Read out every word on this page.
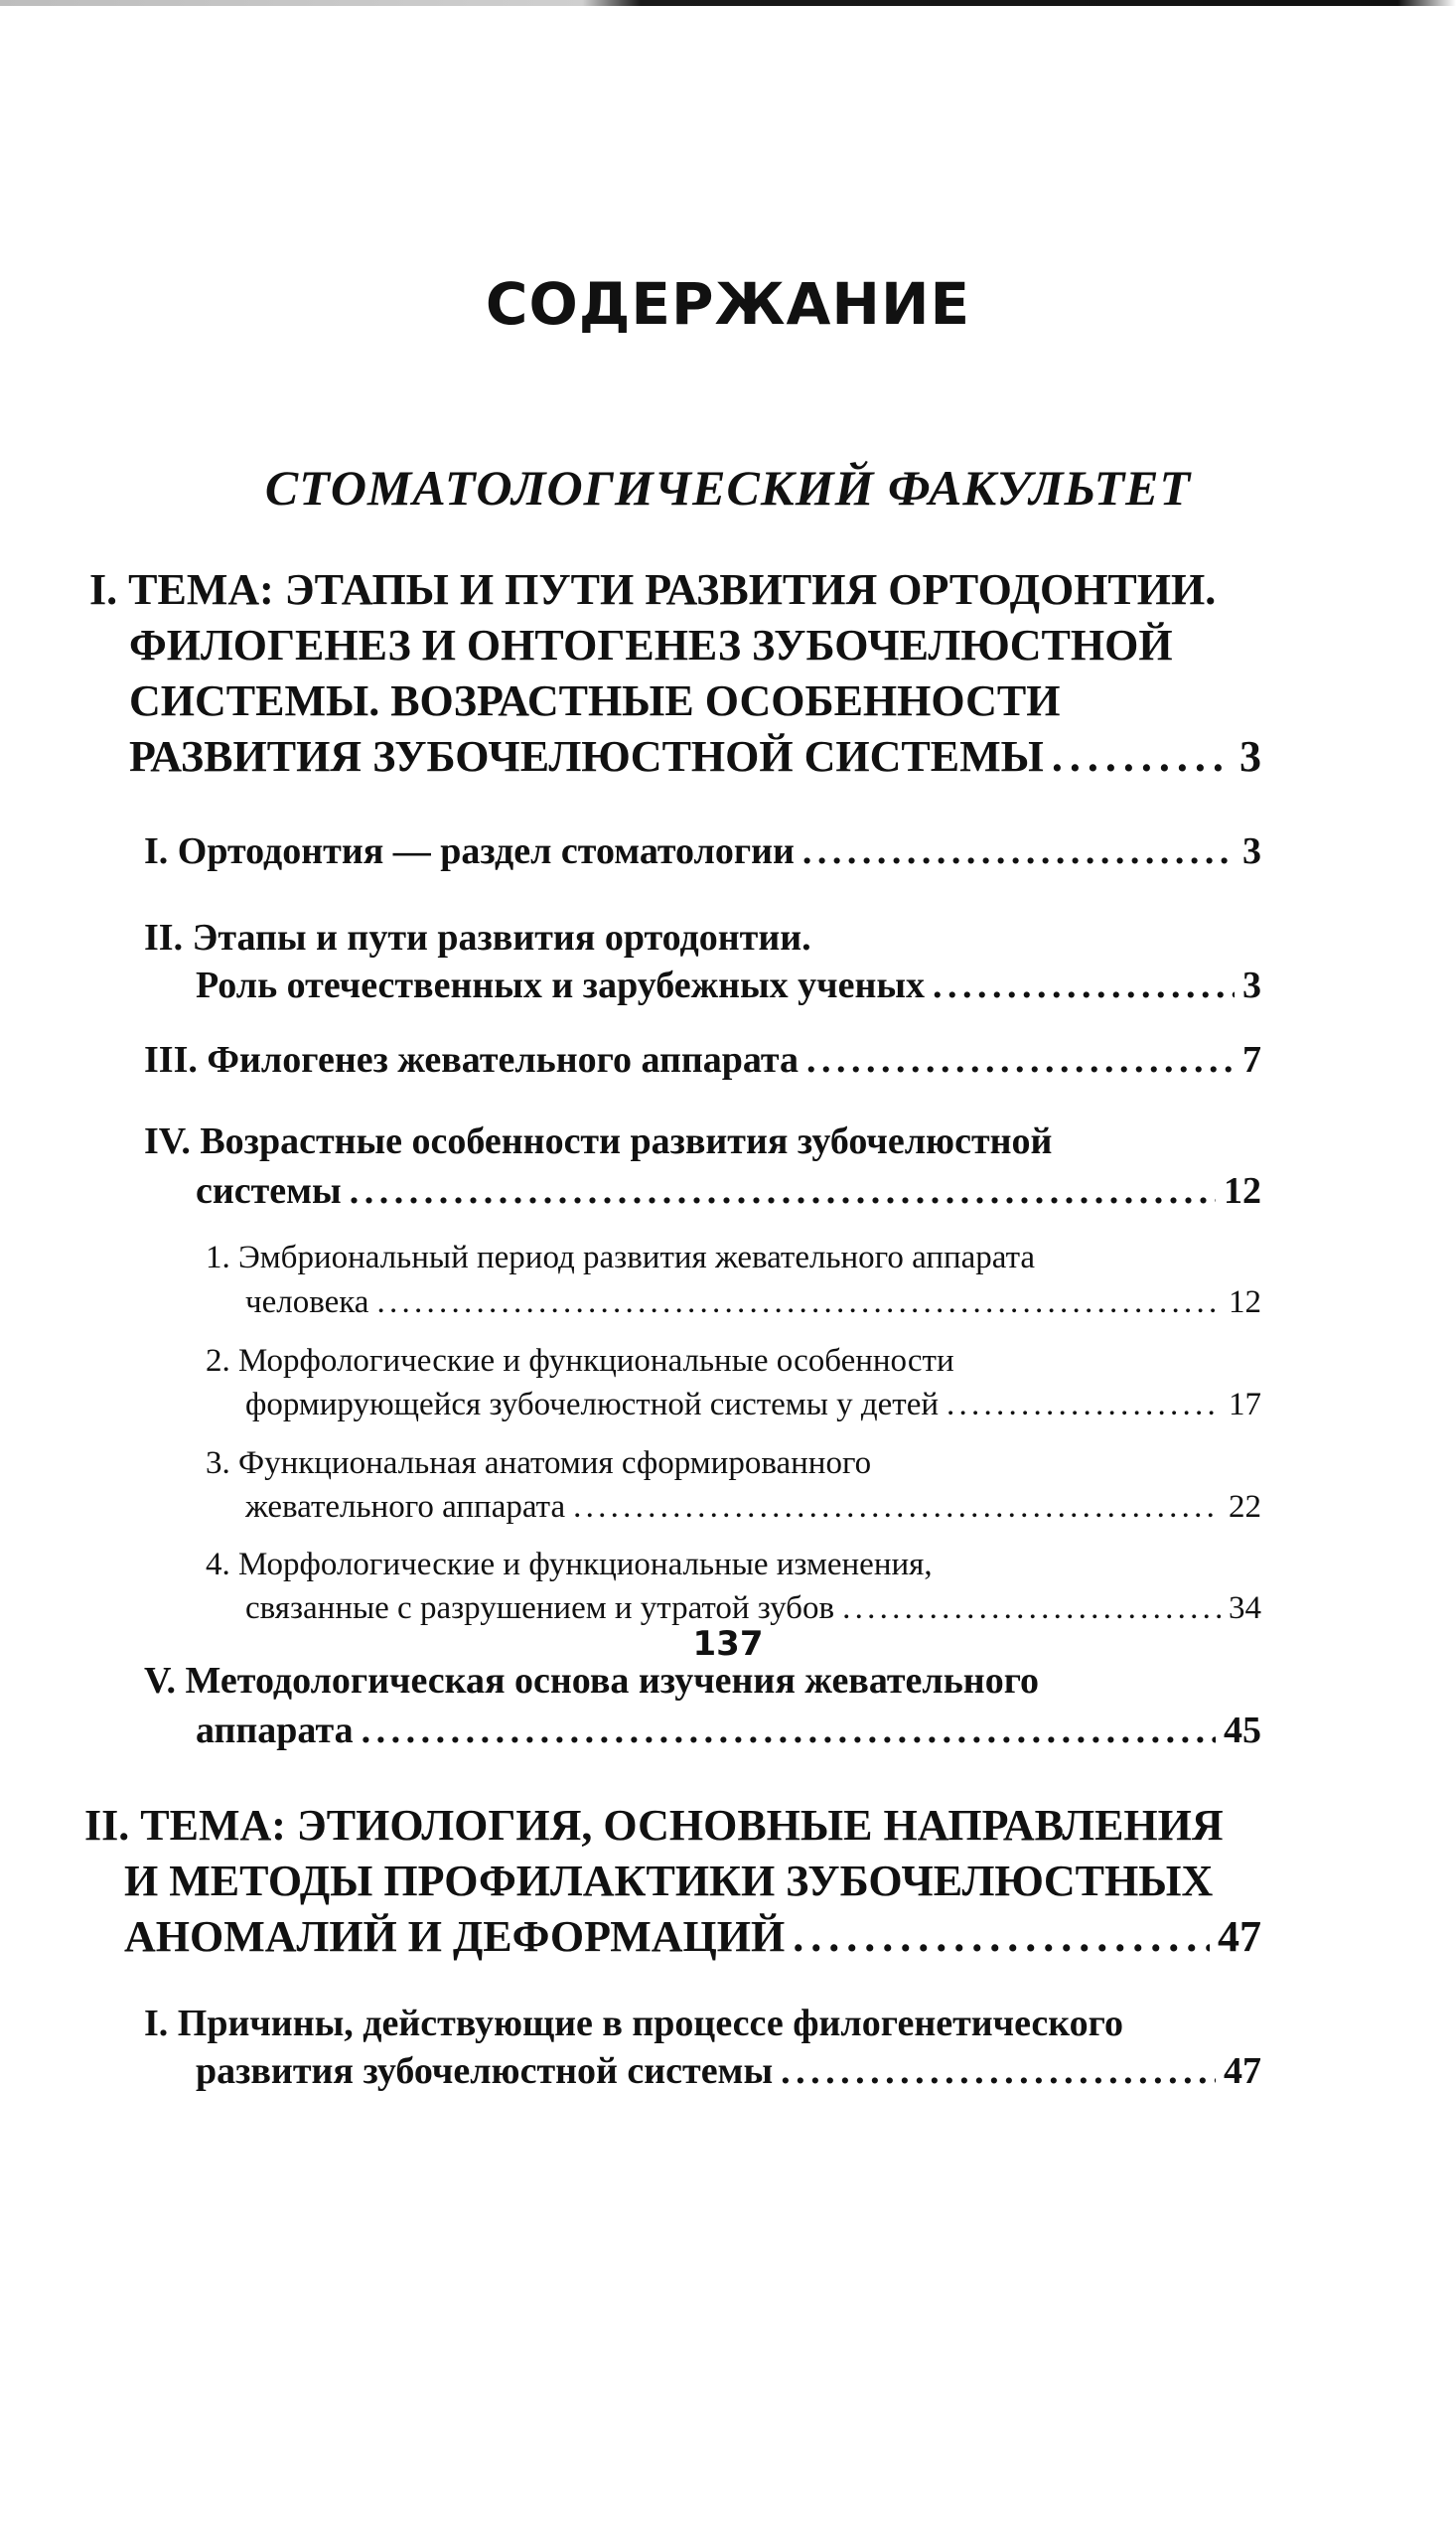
СОДЕРЖАНИЕ
СТОМАТОЛОГИЧЕСКИЙ ФАКУЛЬТЕТ
I. ТЕМА: ЭТАПЫ И ПУТИ РАЗВИТИЯ ОРТОДОНТИИ.
ФИЛОГЕНЕЗ И ОНТОГЕНЕЗ ЗУБОЧЕЛЮСТНОЙ
СИСТЕМЫ. ВОЗРАСТНЫЕ ОСОБЕННОСТИ
РАЗВИТИЯ ЗУБОЧЕЛЮСТНОЙ СИСТЕМЫ . . .	3
I. Ортодонтия — раздел стоматологии . . .	3
II. Этапы и пути развития ортодонтии.
Роль отечественных и зарубежных ученых . . .	3
III. Филогенез жевательного аппарата . . .	7
IV. Возрастные особенности развития зубочелюстной
системы . . .	12
1. Эмбриональный период развития жевательного аппарата
человека . . .	12
2. Морфологические и функциональные особенности
формирующейся зубочелюстной системы у детей . . .	17
3. Функциональная анатомия сформированного
жевательного аппарата . . .	22
4. Морфологические и функциональные изменения,
связанные с разрушением и утратой зубов . . .	34
V. Методологическая основа изучения жевательного
аппарата . . .	45
II. ТЕМА: ЭТИОЛОГИЯ, ОСНОВНЫЕ НАПРАВЛЕНИЯ
И МЕТОДЫ ПРОФИЛАКТИКИ ЗУБОЧЕЛЮСТНЫХ
АНОМАЛИЙ И ДЕФОРМАЦИЙ . . .	47
I. Причины, действующие в процессе филогенетического
развития зубочелюстной системы . . .	47
137
